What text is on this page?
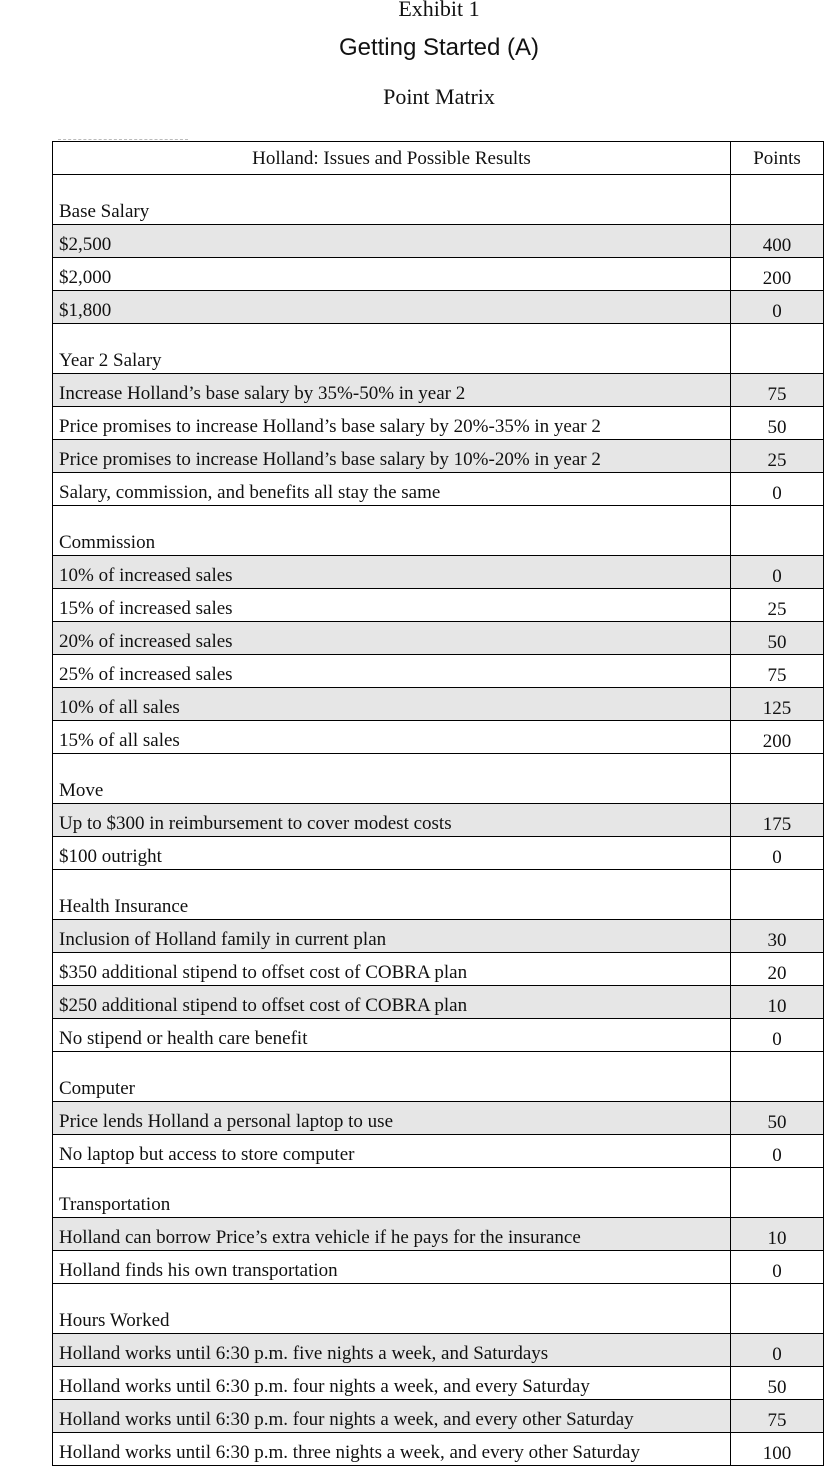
Exhibit 1
Getting Started (A)
Point Matrix
Holland: Issues and Possible Results	Points
Base Salary	
$2,500	400
$2,000	200
$1,800	0
Year 2 Salary	
Increase Holland’s base salary by 35%-50% in year 2	75
Price promises to increase Holland’s base salary by 20%-35% in year 2	50
Price promises to increase Holland’s base salary by 10%-20% in year 2	25
Salary, commission, and benefits all stay the same	0
Commission	
10% of increased sales	0
15% of increased sales	25
20% of increased sales	50
25% of increased sales	75
10% of all sales	125
15% of all sales	200
Move	
Up to $300 in reimbursement to cover modest costs	175
$100 outright	0
Health Insurance	
Inclusion of Holland family in current plan	30
$350 additional stipend to offset cost of COBRA plan	20
$250 additional stipend to offset cost of COBRA plan	10
No stipend or health care benefit	0
Computer	
Price lends Holland a personal laptop to use	50
No laptop but access to store computer	0
Transportation	
Holland can borrow Price’s extra vehicle if he pays for the insurance	10
Holland finds his own transportation	0
Hours Worked	
Holland works until 6:30 p.m. five nights a week, and Saturdays	0
Holland works until 6:30 p.m. four nights a week, and every Saturday	50
Holland works until 6:30 p.m. four nights a week, and every other Saturday	75
Holland works until 6:30 p.m. three nights a week, and every other Saturday	100
